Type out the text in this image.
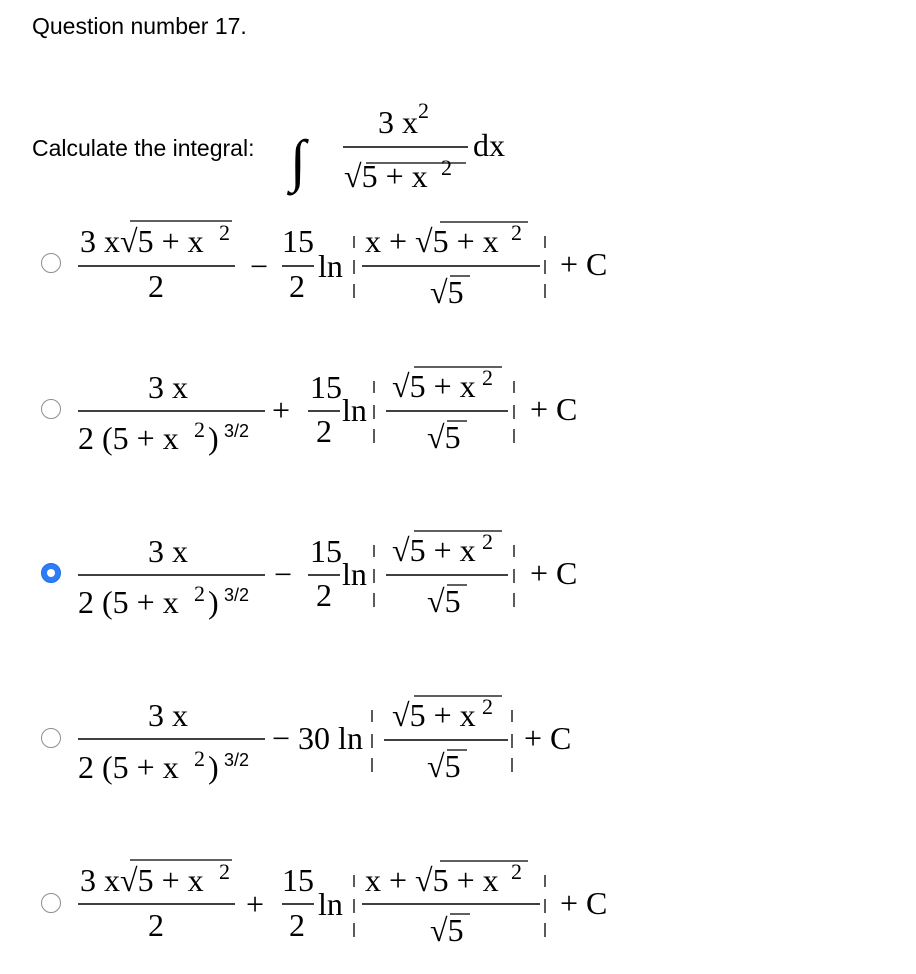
Question number 17.
Calculate the integral: ∫
3 x 2
√5 + x 2
dx
3 x√5 + x 2
2
−
15
2
ln
x + √5 + x 2
√5
+ C
3 x
2 (5 + x 2 ) 3/2
+
15
2
ln
√5 + x 2
√5
+ C
3 x
2 (5 + x 2 ) 3/2
−
15
2
ln
√5 + x 2
√5
+ C
3 x
2 (5 + x 2 ) 3/2
− 30 ln
√5 + x 2
√5
+ C
3 x√5 + x 2
2
+
15
2
ln
x + √5 + x 2
√5
+ C
